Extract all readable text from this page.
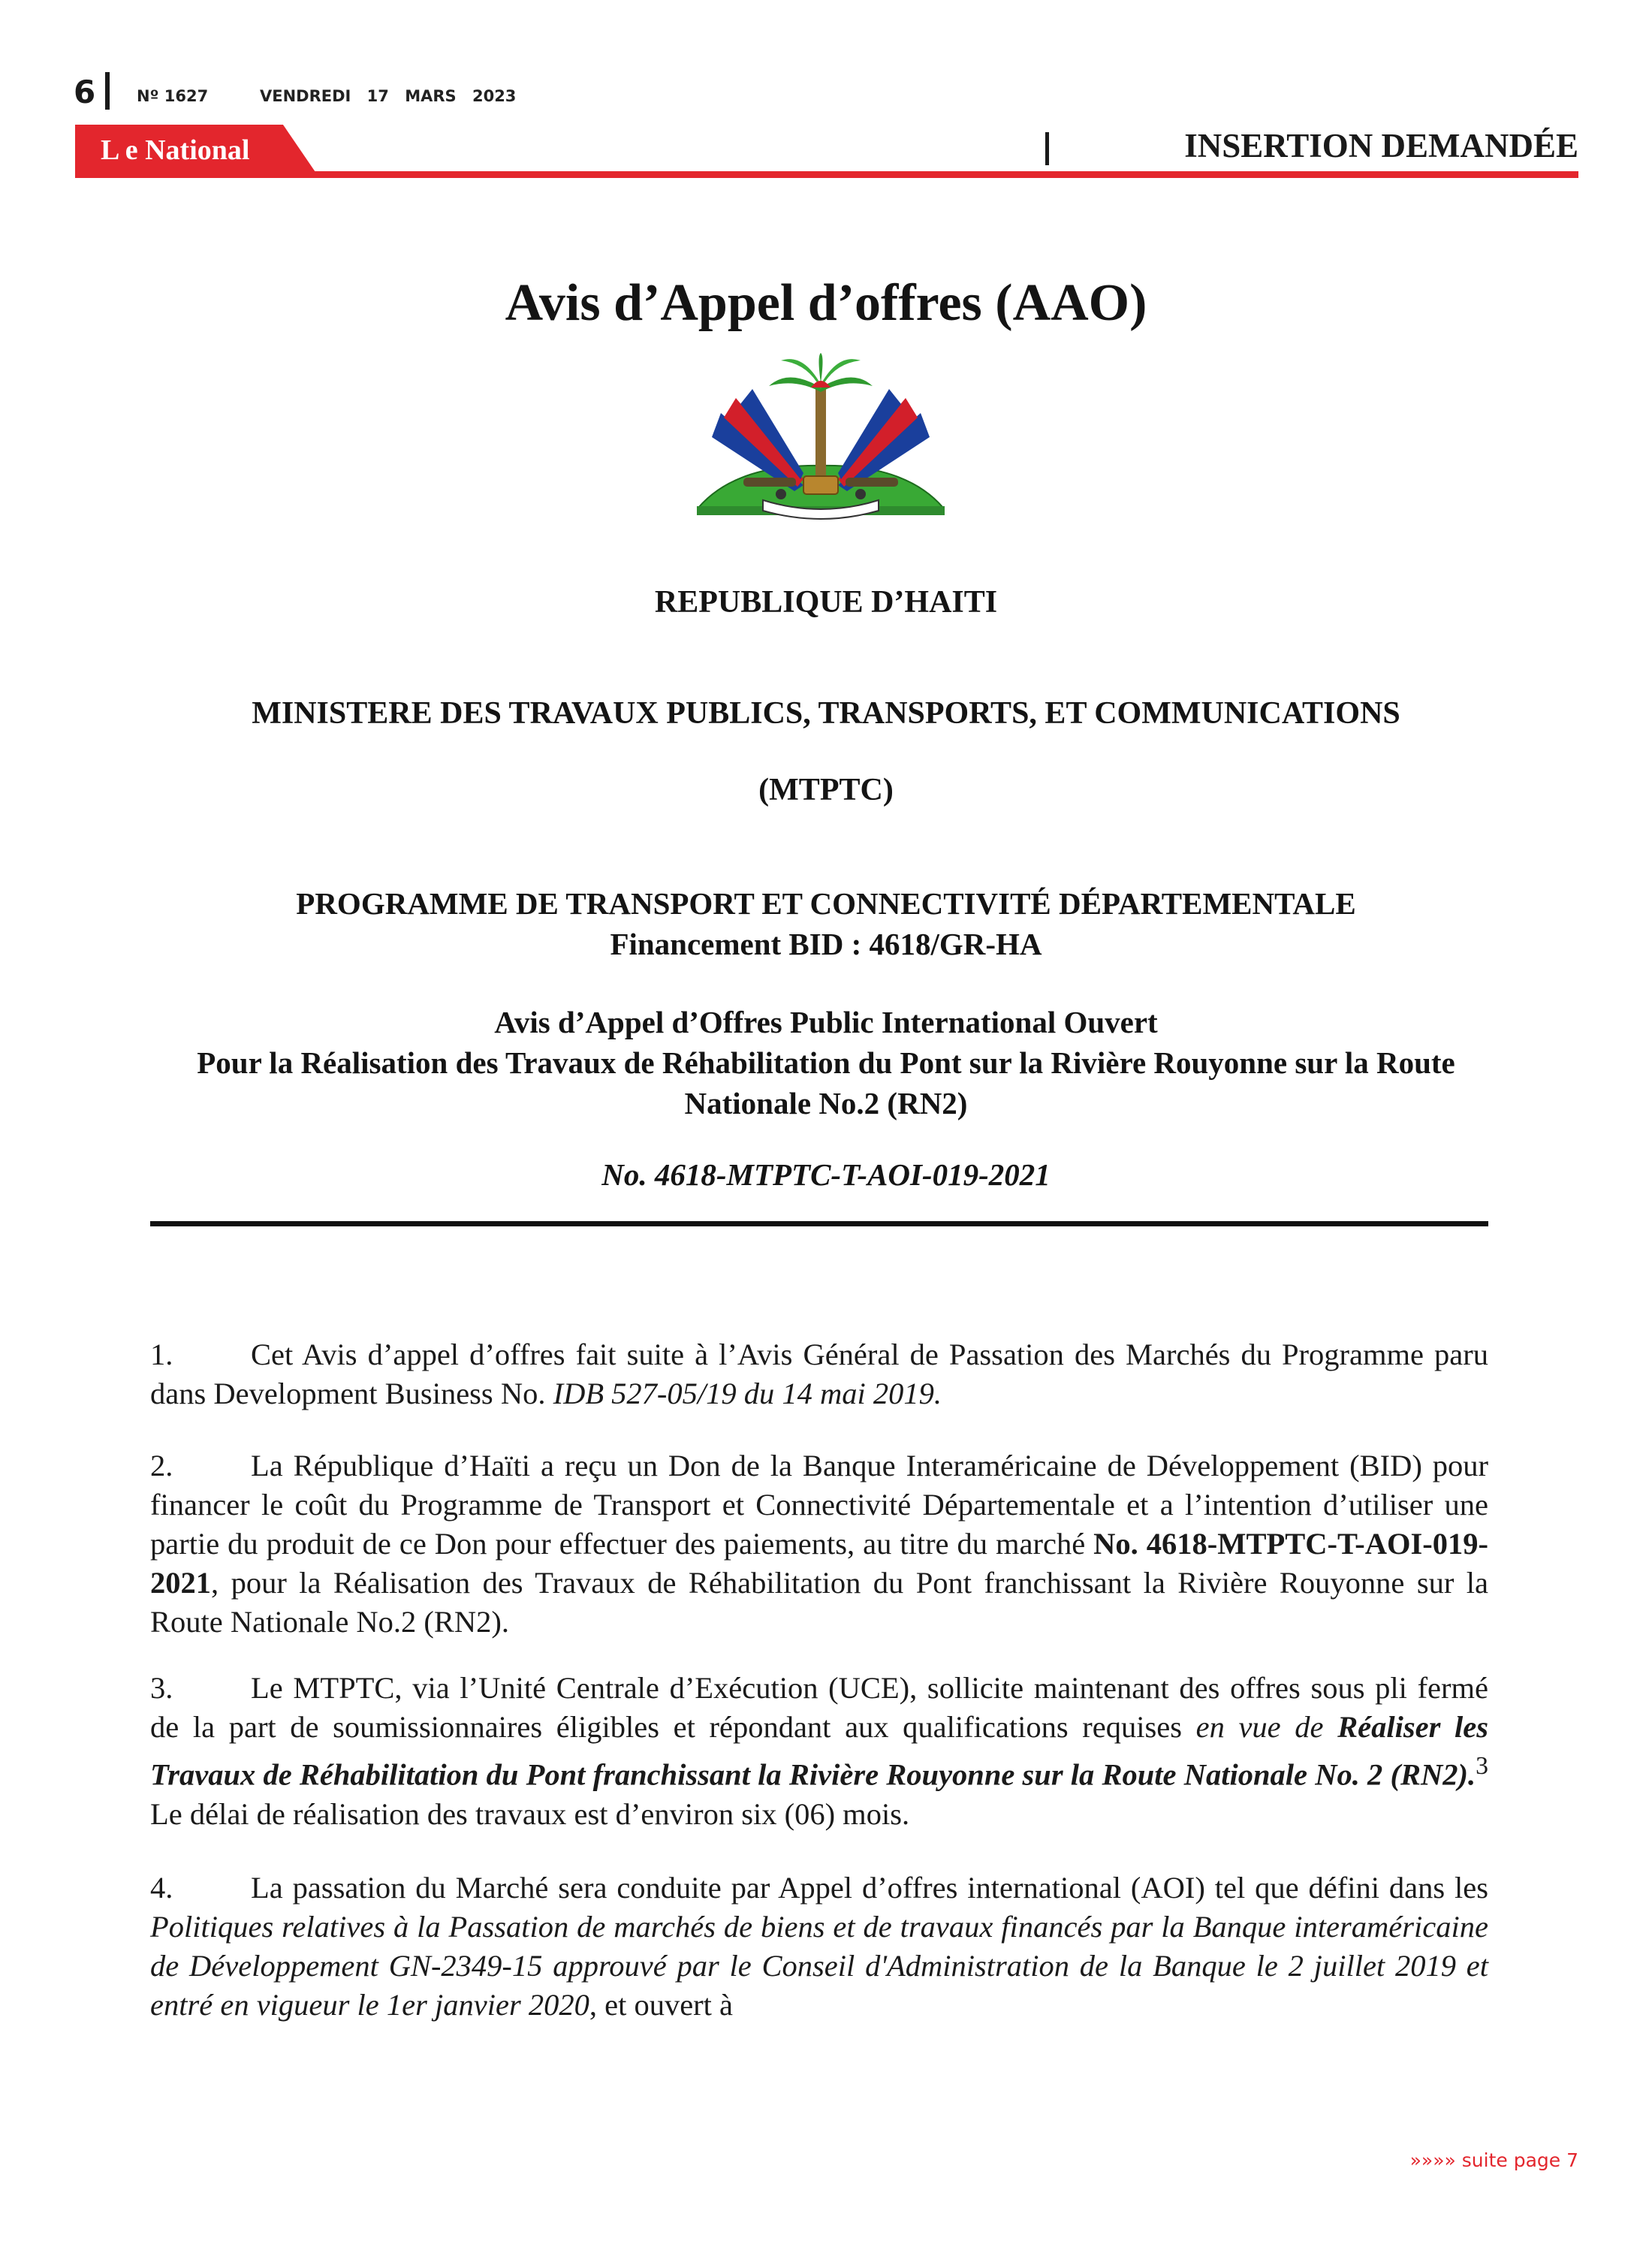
6	Nº 1627	VENDREDI 17 MARS 2023
L e National	INSERTION DEMANDÉE
Avis d’Appel d’offres (AAO)
REPUBLIQUE D’HAITI
MINISTERE DES TRAVAUX PUBLICS, TRANSPORTS, ET COMMUNICATIONS
(MTPTC)
PROGRAMME DE TRANSPORT ET CONNECTIVITÉ DÉPARTEMENTALE
Financement BID : 4618/GR-HA
Avis d’Appel d’Offres Public International Ouvert
Pour la Réalisation des Travaux de Réhabilitation du Pont sur la Rivière Rouyonne sur la Route Nationale No.2 (RN2)
No. 4618-MTPTC-T-AOI-019-2021
1.	Cet Avis d’appel d’offres fait suite à l’Avis Général de Passation des Marchés du Programme paru dans Development Business No. IDB 527-05/19 du 14 mai 2019.
2.	La République d’Haïti a reçu un Don de la Banque Interaméricaine de Développement (BID) pour financer le coût du Programme de Transport et Connectivité Départementale et a l’intention d’utiliser une partie du produit de ce Don pour effectuer des paiements, au titre du marché No. 4618-MTPTC-T-AOI-019-2021, pour la Réalisation des Travaux de Réhabilitation du Pont franchissant la Rivière Rouyonne sur la Route Nationale No.2 (RN2).
3.	Le MTPTC, via l’Unité Centrale d’Exécution (UCE), sollicite maintenant des offres sous pli fermé de la part de soumissionnaires éligibles et répondant aux qualifications requises en vue de Réaliser les Travaux de Réhabilitation du Pont franchissant la Rivière Rouyonne sur la Route Nationale No. 2 (RN2).$^3$ Le délai de réalisation des travaux est d’environ six (06) mois.
4.	La passation du Marché sera conduite par Appel d’offres international (AOI) tel que défini dans les Politiques relatives à la Passation de marchés de biens et de travaux financés par la Banque interaméricaine de Développement GN-2349-15 approuvé par le Conseil d'Administration de la Banque le 2 juillet 2019 et entré en vigueur le 1er janvier 2020, et ouvert à
»»»» suite page 7
